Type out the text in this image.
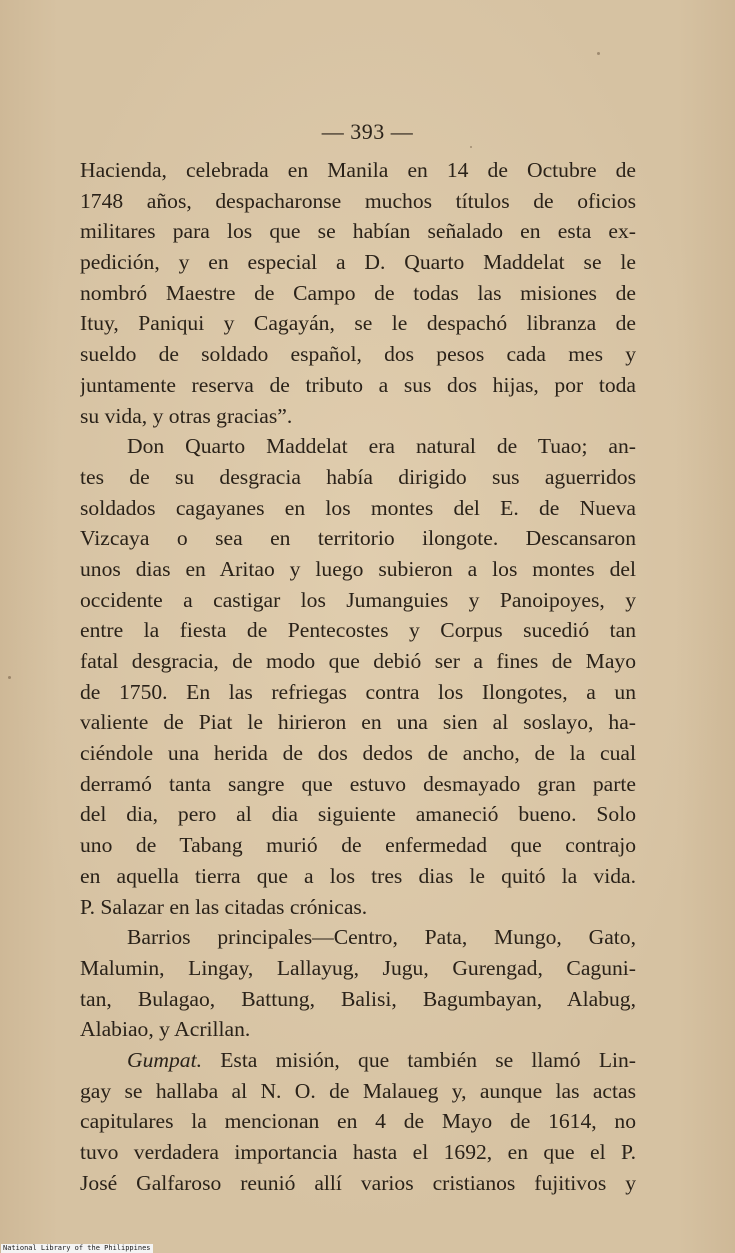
— 393 —
Hacienda, celebrada en Manila en 14 de Octubre de
1748 años, despacharonse muchos títulos de oficios
militares para los que se habían señalado en esta ex-
pedición, y en especial a D. Quarto Maddelat se le
nombró Maestre de Campo de todas las misiones de
Ituy, Paniqui y Cagayán, se le despachó libranza de
sueldo de soldado español, dos pesos cada mes y
juntamente reserva de tributo a sus dos hijas, por toda
su vida, y otras gracias”.
Don Quarto Maddelat era natural de Tuao; an-
tes de su desgracia había dirigido sus aguerridos
soldados cagayanes en los montes del E. de Nueva
Vizcaya o sea en territorio ilongote. Descansaron
unos dias en Aritao y luego subieron a los montes del
occidente a castigar los Jumanguies y Panoipoyes, y
entre la fiesta de Pentecostes y Corpus sucedió tan
fatal desgracia, de modo que debió ser a fines de Mayo
de 1750. En las refriegas contra los Ilongotes, a un
valiente de Piat le hirieron en una sien al soslayo, ha-
ciéndole una herida de dos dedos de ancho, de la cual
derramó tanta sangre que estuvo desmayado gran parte
del dia, pero al dia siguiente amaneció bueno. Solo
uno de Tabang murió de enfermedad que contrajo
en aquella tierra que a los tres dias le quitó la vida.
P. Salazar en las citadas crónicas.
Barrios principales—Centro, Pata, Mungo, Gato,
Malumin, Lingay, Lallayug, Jugu, Gurengad, Caguni-
tan, Bulagao, Battung, Balisi, Bagumbayan, Alabug,
Alabiao, y Acrillan.
Gumpat. Esta misión, que también se llamó Lin-
gay se hallaba al N. O. de Malaueg y, aunque las actas
capitulares la mencionan en 4 de Mayo de 1614, no
tuvo verdadera importancia hasta el 1692, en que el P.
José Galfaroso reunió allí varios cristianos fujitivos y
National Library of the Philippines
